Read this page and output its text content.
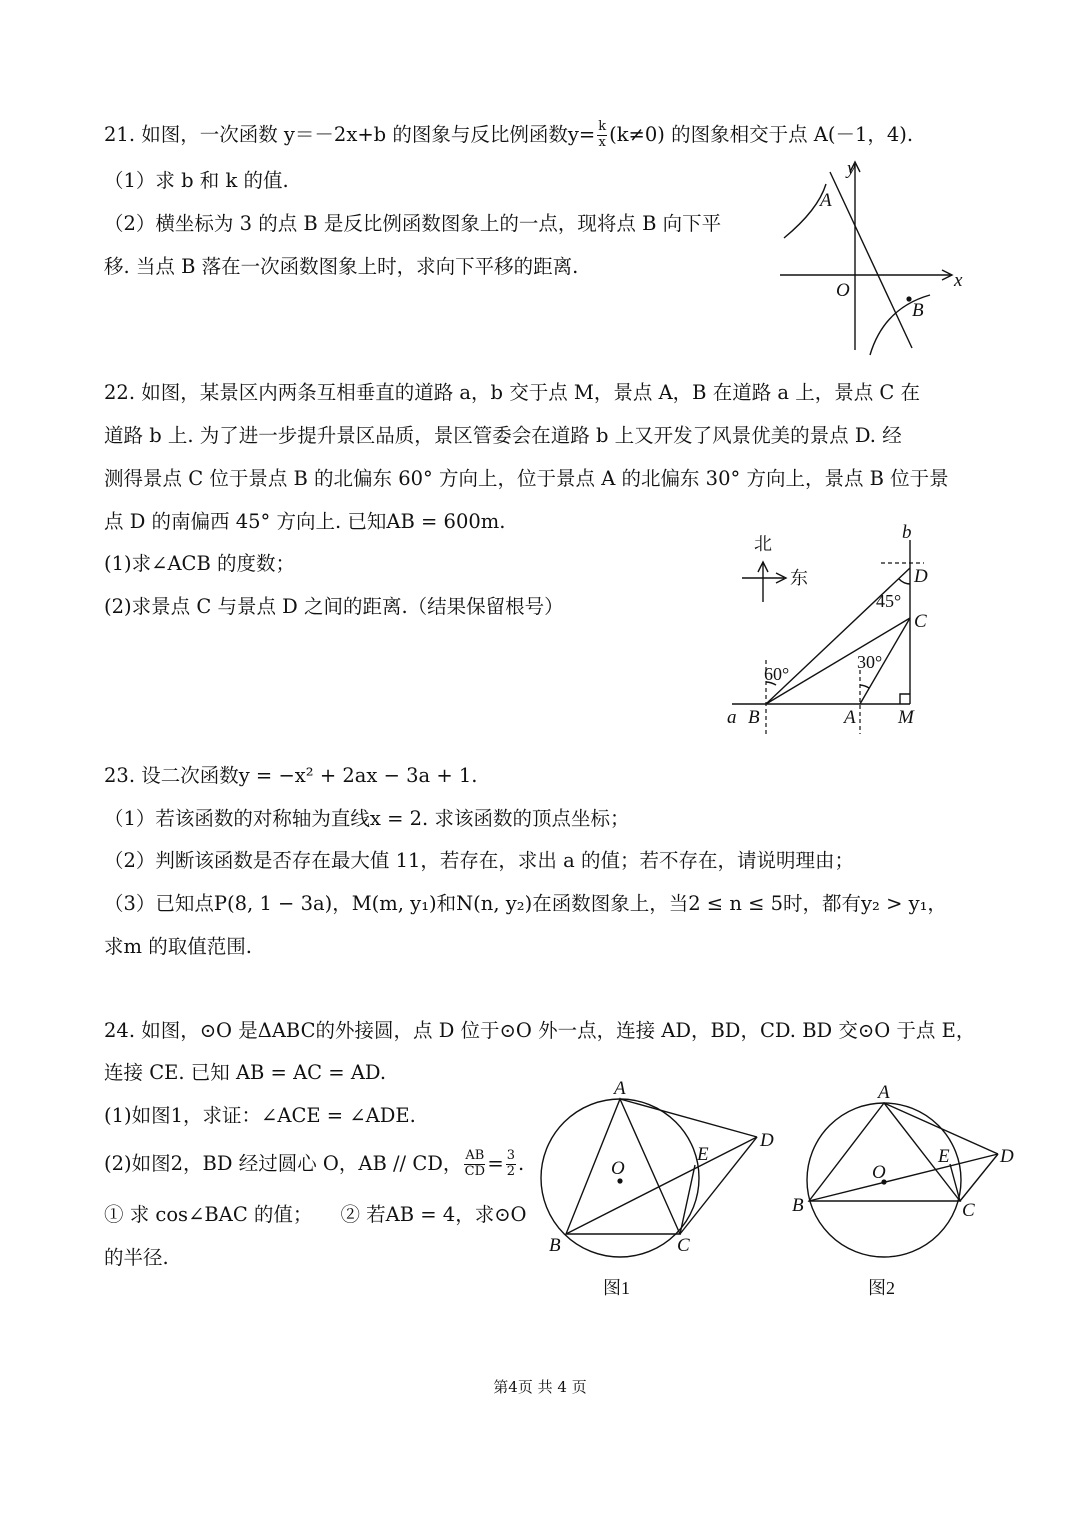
21. 如图，一次函数 y＝－2x+b 的图象与反比例函数$y= \frac{k}{x} (k\ne 0)$ 的图象相交于点 A(－1，4).
（1）求 b 和 k 的值.
（2）横坐标为 3 的点 B 是反比例函数图象上的一点，现将点 B 向下平
移. 当点 B 落在一次函数图象上时，求向下平移的距离.
y
x
A
O
B
22. 如图，某景区内两条互相垂直的道路 a，b 交于点 M，景点 A，B 在道路 a 上，景点 C 在
道路 b 上. 为了进一步提升景区品质，景区管委会在道路 b 上又开发了风景优美的景点 D. 经
测得景点 C 位于景点 B 的北偏东 60° 方向上，位于景点 A 的北偏东 30° 方向上，景点 B 位于景
点 D 的南偏西 45° 方向上. 已知AB = 600m.
(1)求∠ACB 的度数；
(2)求景点 C 与景点 D 之间的距离.（结果保留根号）
北
东
b
D
45°
C
60°
30°
a B	A M
23. 设二次函数y = −x² + 2ax − 3a + 1.
（1）若该函数的对称轴为直线x = 2. 求该函数的顶点坐标；
（2）判断该函数是否存在最大值 11，若存在，求出 a 的值；若不存在，请说明理由；
（3）已知点P(8, 1 − 3a)，M(m, y₁)和N(n, y₂)在函数图象上，当2 ≤ n ≤ 5时，都有y₂ > y₁，
求m 的取值范围.
24. 如图，⊙O 是ΔABC的外接圆，点 D 位于⊙O 外一点，连接 AD，BD，CD. BD 交⊙O 于点 E，
连接 CE. 已知 AB = AC = AD.
(1)如图1，求证：∠ACE = ∠ADE.
(2)如图2，BD 经过圆心 O，AB // CD， $\frac{AB}{CD} = \frac{3}{2}$ .
① 求 cos∠BAC 的值； ② 若AB = 4，求⊙O
的半径.
A
O
E
D
B	C
图1
A
O
E	D
B	C
图2
第4页 共 4 页
